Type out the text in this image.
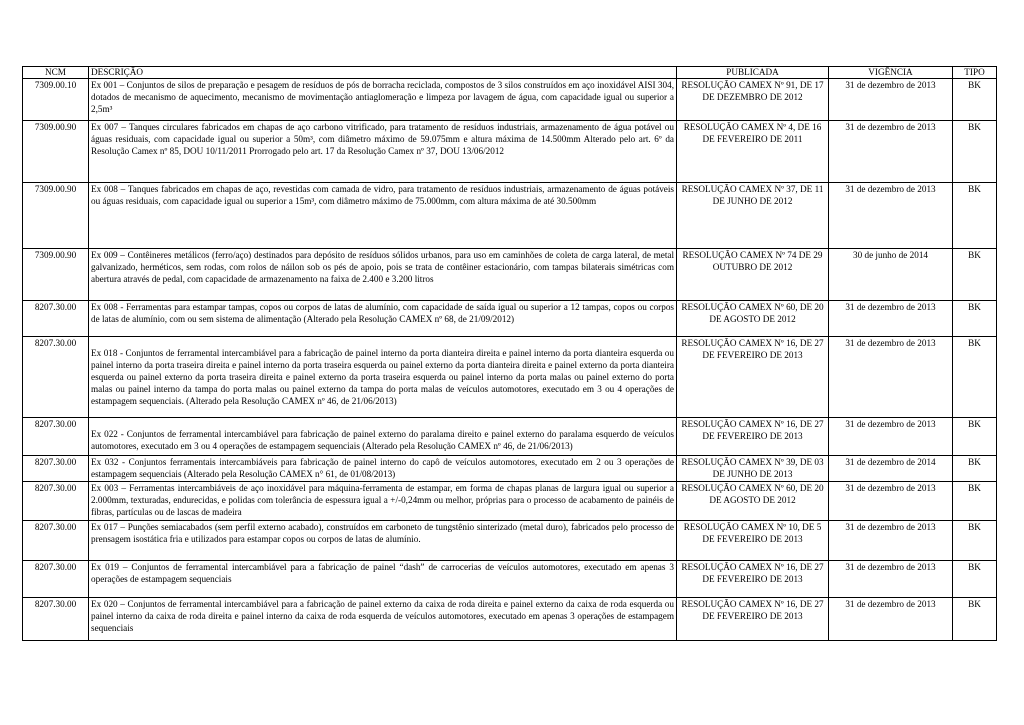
NCM	DESCRIÇÃO	PUBLICADA	VIGÊNCIA	TIPO
7309.00.10	Ex 001 – Conjuntos de silos de preparação e pesagem de resíduos de pós de borracha reciclada, compostos de 3 silos construídos em aço inoxidável AISI 304, dotados de mecanismo de aquecimento, mecanismo de movimentação antiaglomeração e limpeza por lavagem de água, com capacidade igual ou superior a 2,5m³	RESOLUÇÃO CAMEX Nº 91, DE 17 DE DEZEMBRO DE 2012	31 de dezembro de 2013	BK
7309.00.90	Ex 007 – Tanques circulares fabricados em chapas de aço carbono vitrificado, para tratamento de resíduos industriais, armazenamento de água potável ou águas residuais, com capacidade igual ou superior a 50m³, com diâmetro máximo de 59.075mm e altura máxima de 14.500mm Alterado pelo art. 6º da Resolução Camex nº 85, DOU 10/11/2011 Prorrogado pelo art. 17 da Resolução Camex nº 37, DOU 13/06/2012	RESOLUÇÃO CAMEX Nº 4, DE 16 DE FEVEREIRO DE 2011	31 de dezembro de 2013	BK
7309.00.90	Ex 008 – Tanques fabricados em chapas de aço, revestidas com camada de vidro, para tratamento de resíduos industriais, armazenamento de águas potáveis ou águas residuais, com capacidade igual ou superior a 15m³, com diâmetro máximo de 75.000mm, com altura máxima de até 30.500mm	RESOLUÇÃO CAMEX Nº 37, DE 11 DE JUNHO DE 2012	31 de dezembro de 2013	BK
7309.00.90	Ex 009 – Contêineres metálicos (ferro/aço) destinados para depósito de resíduos sólidos urbanos, para uso em caminhões de coleta de carga lateral, de metal galvanizado, herméticos, sem rodas, com rolos de náilon sob os pés de apoio, pois se trata de contêiner estacionário, com tampas bilaterais simétricas com abertura através de pedal, com capacidade de armazenamento na faixa de 2.400 e 3.200 litros	RESOLUÇÃO CAMEX Nº 74 DE 29 OUTUBRO DE 2012	30 de junho de 2014	BK
8207.30.00	Ex 008 - Ferramentas para estampar tampas, copos ou corpos de latas de alumínio, com capacidade de saída igual ou superior a 12 tampas, copos ou corpos de latas de alumínio, com ou sem sistema de alimentação (Alterado pela Resolução CAMEX nº 68, de 21/09/2012)	RESOLUÇÃO CAMEX Nº 60, DE 20 DE AGOSTO DE 2012	31 de dezembro de 2013	BK
8207.30.00	Ex 018 - Conjuntos de ferramental intercambiável para a fabricação de painel interno da porta dianteira direita e painel interno da porta dianteira esquerda ou painel interno da porta traseira direita e painel interno da porta traseira esquerda ou painel externo da porta dianteira direita e painel externo da porta dianteira esquerda ou painel externo da porta traseira direita e painel externo da porta traseira esquerda ou painel interno da porta malas ou painel externo do porta malas ou painel interno da tampa do porta malas ou painel externo da tampa do porta malas de veículos automotores, executado em 3 ou 4 operações de estampagem sequenciais. (Alterado pela Resolução CAMEX nº 46, de 21/06/2013)	RESOLUÇÃO CAMEX Nº 16, DE 27 DE FEVEREIRO DE 2013	31 de dezembro de 2013	BK
8207.30.00	Ex 022 - Conjuntos de ferramental intercambiável para fabricação de painel externo do paralama direito e painel externo do paralama esquerdo de veículos automotores, executado em 3 ou 4 operações de estampagem sequenciais (Alterado pela Resolução CAMEX nº 46, de 21/06/2013)	RESOLUÇÃO CAMEX Nº 16, DE 27 DE FEVEREIRO DE 2013	31 de dezembro de 2013	BK
8207.30.00	Ex 032 - Conjuntos ferramentais intercambiáveis para fabricação de painel interno do capô de veículos automotores, executado em 2 ou 3 operações de estampagem sequenciais (Alterado pela Resolução CAMEX n° 61, de 01/08/2013)	RESOLUÇÃO CAMEX Nº 39, DE 03 DE JUNHO DE 2013	31 de dezembro de 2014	BK
8207.30.00	Ex 003 – Ferramentas intercambiáveis de aço inoxidável para máquina-ferramenta de estampar, em forma de chapas planas de largura igual ou superior a 2.000mm, texturadas, endurecidas, e polidas com tolerância de espessura igual a +/-0,24mm ou melhor, próprias para o processo de acabamento de painéis de fibras, partículas ou de lascas de madeira	RESOLUÇÃO CAMEX Nº 60, DE 20 DE AGOSTO DE 2012	31 de dezembro de 2013	BK
8207.30.00	Ex 017 – Punções semiacabados (sem perfil externo acabado), construídos em carboneto de tungstênio sinterizado (metal duro), fabricados pelo processo de prensagem isostática fria e utilizados para estampar copos ou corpos de latas de alumínio.	RESOLUÇÃO CAMEX Nº 10, DE 5 DE FEVEREIRO DE 2013	31 de dezembro de 2013	BK
8207.30.00	Ex 019 – Conjuntos de ferramental intercambiável para a fabricação de painel “dash” de carrocerias de veículos automotores, executado em apenas 3 operações de estampagem sequenciais	RESOLUÇÃO CAMEX Nº 16, DE 27 DE FEVEREIRO DE 2013	31 de dezembro de 2013	BK
8207.30.00	Ex 020 – Conjuntos de ferramental intercambiável para a fabricação de painel externo da caixa de roda direita e painel externo da caixa de roda esquerda ou painel interno da caixa de roda direita e painel interno da caixa de roda esquerda de veículos automotores, executado em apenas 3 operações de estampagem sequenciais	RESOLUÇÃO CAMEX Nº 16, DE 27 DE FEVEREIRO DE 2013	31 de dezembro de 2013	BK
